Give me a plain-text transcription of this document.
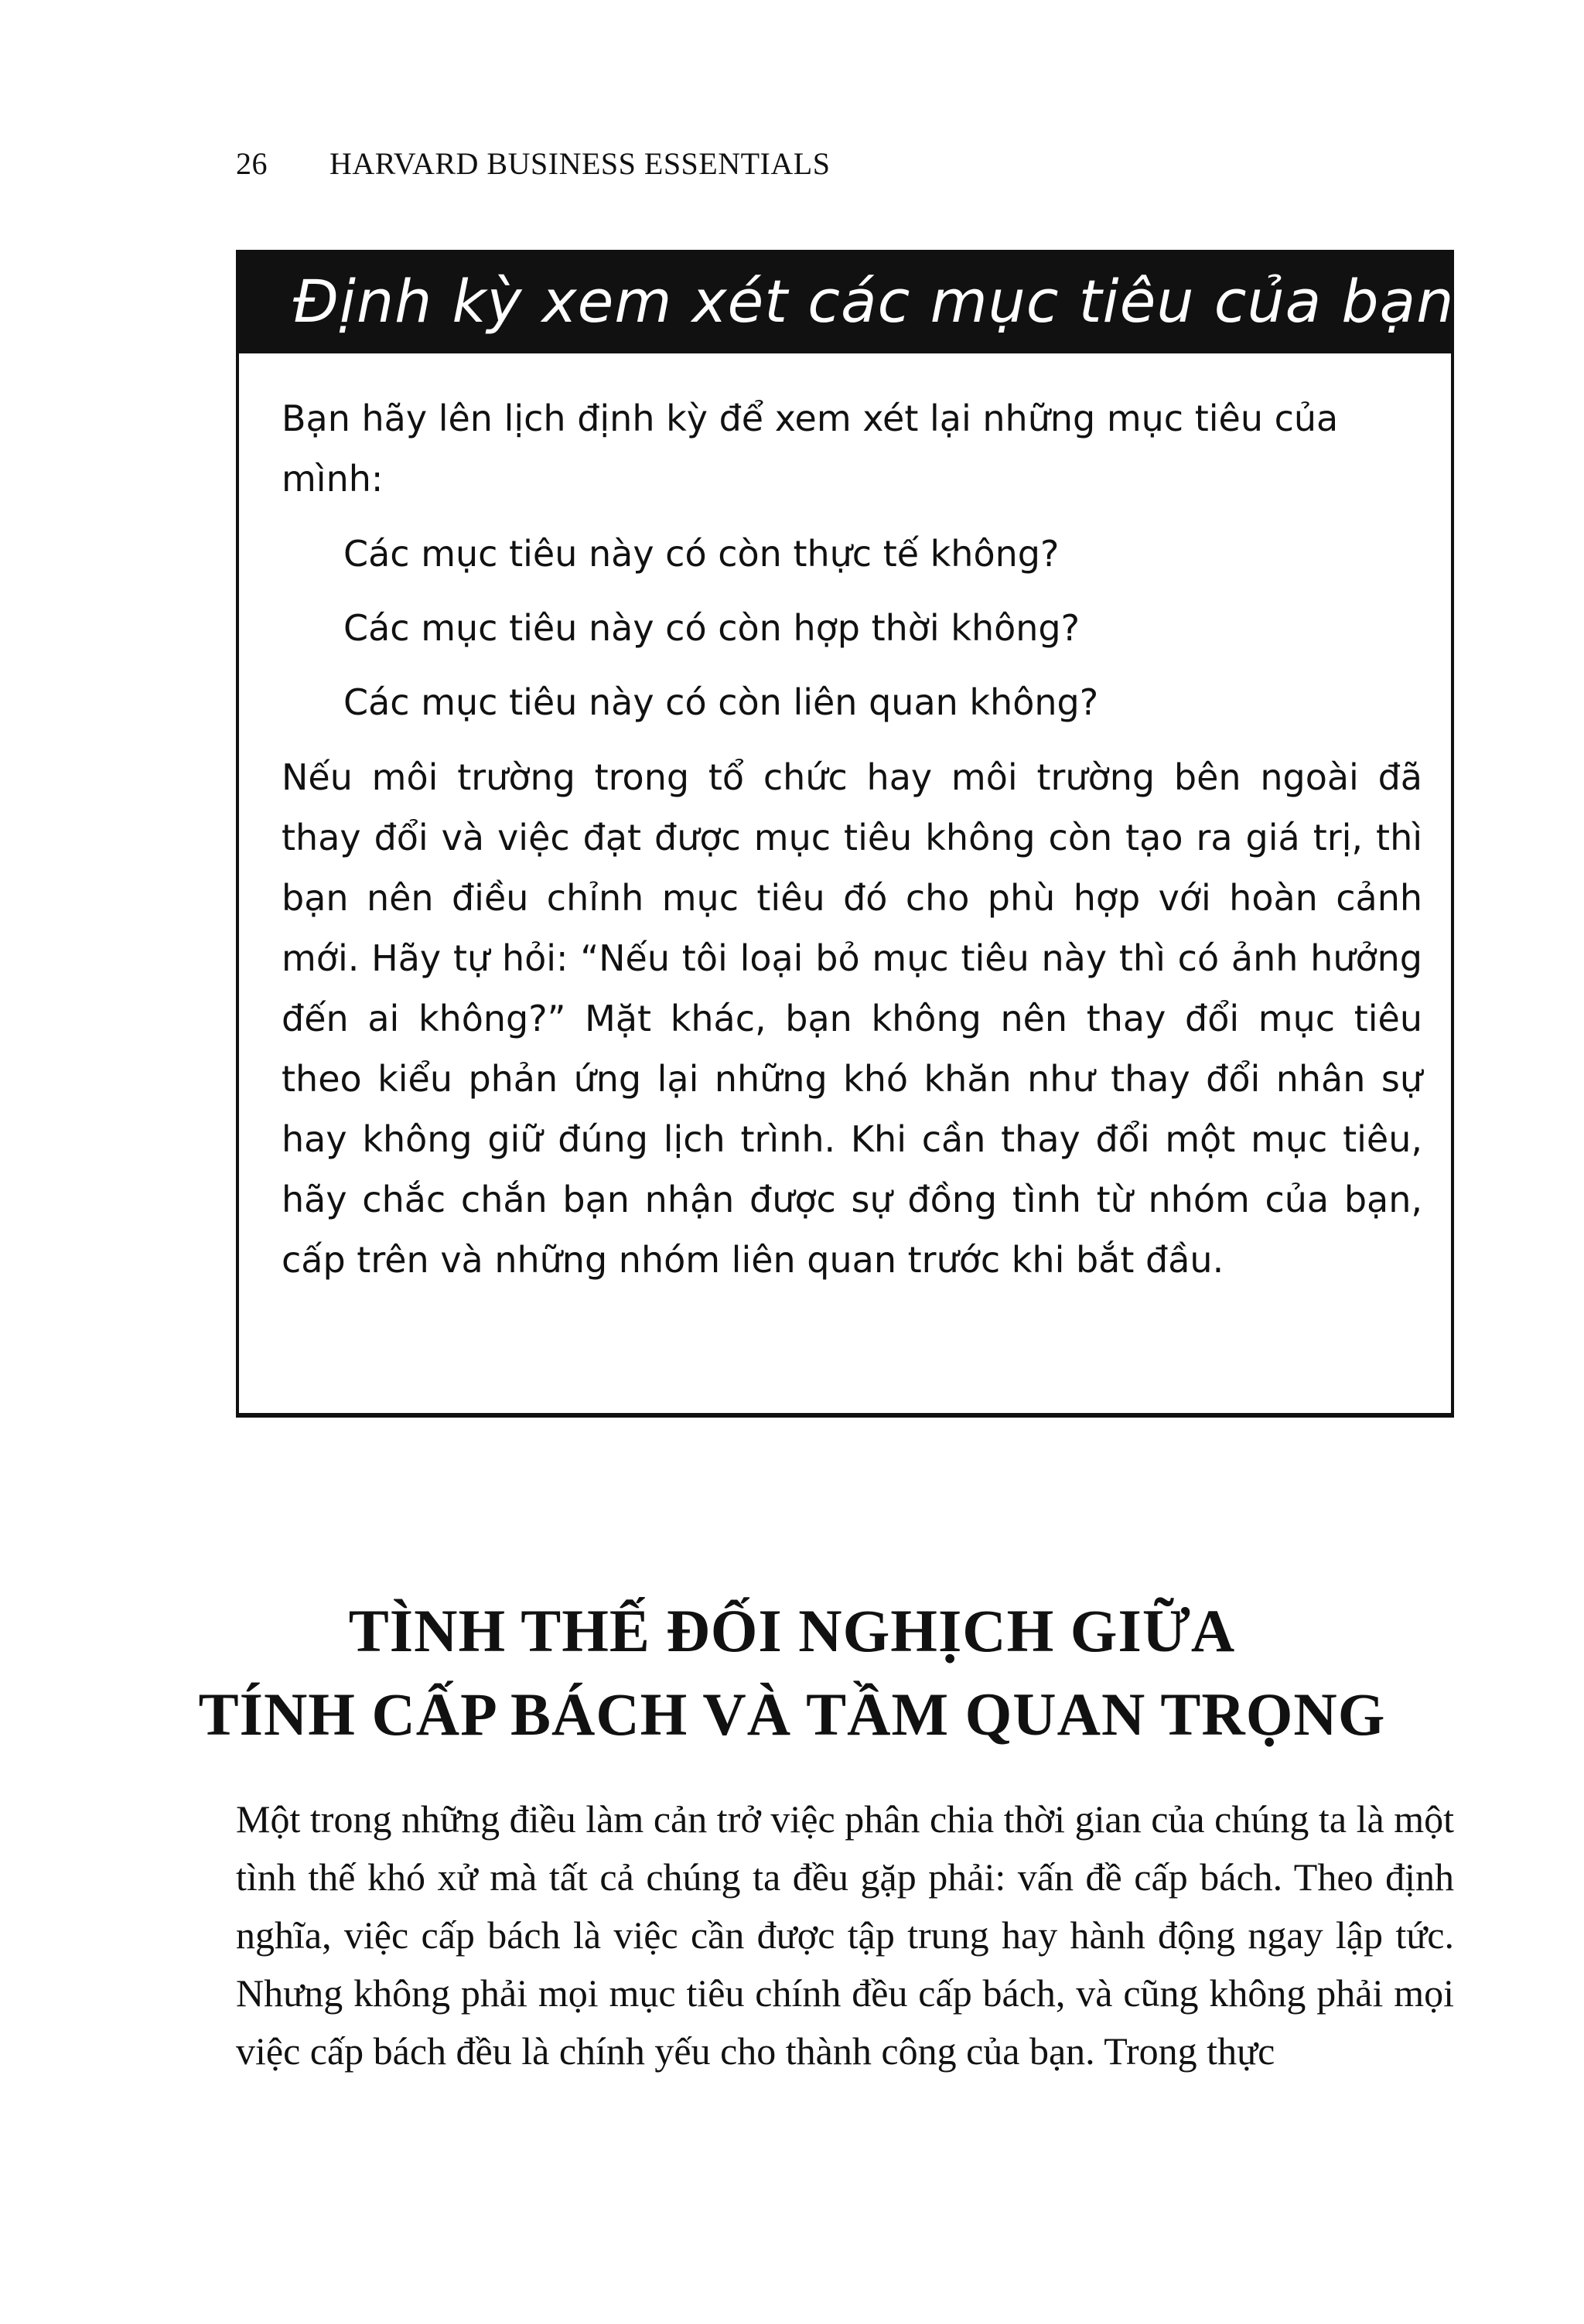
26 HARVARD BUSINESS ESSENTIALS
Định kỳ xem xét các mục tiêu của bạn

Bạn hãy lên lịch định kỳ để xem xét lại những mục tiêu của mình:

Các mục tiêu này có còn thực tế không?
Các mục tiêu này có còn hợp thời không?
Các mục tiêu này có còn liên quan không?

Nếu môi trường trong tổ chức hay môi trường bên ngoài đã thay đổi và việc đạt được mục tiêu không còn tạo ra giá trị, thì bạn nên điều chỉnh mục tiêu đó cho phù hợp với hoàn cảnh mới. Hãy tự hỏi: “Nếu tôi loại bỏ mục tiêu này thì có ảnh hưởng đến ai không?” Mặt khác, bạn không nên thay đổi mục tiêu theo kiểu phản ứng lại những khó khăn như thay đổi nhân sự hay không giữ đúng lịch trình. Khi cần thay đổi một mục tiêu, hãy chắc chắn bạn nhận được sự đồng tình từ nhóm của bạn, cấp trên và những nhóm liên quan trước khi bắt đầu.

TÌNH THẾ ĐỐI NGHỊCH GIỮA
TÍNH CẤP BÁCH VÀ TẦM QUAN TRỌNG

Một trong những điều làm cản trở việc phân chia thời gian của chúng ta là một tình thế khó xử mà tất cả chúng ta đều gặp phải: vấn đề cấp bách. Theo định nghĩa, việc cấp bách là việc cần được tập trung hay hành động ngay lập tức. Nhưng không phải mọi mục tiêu chính đều cấp bách, và cũng không phải mọi việc cấp bách đều là chính yếu cho thành công của bạn. Trong thực
